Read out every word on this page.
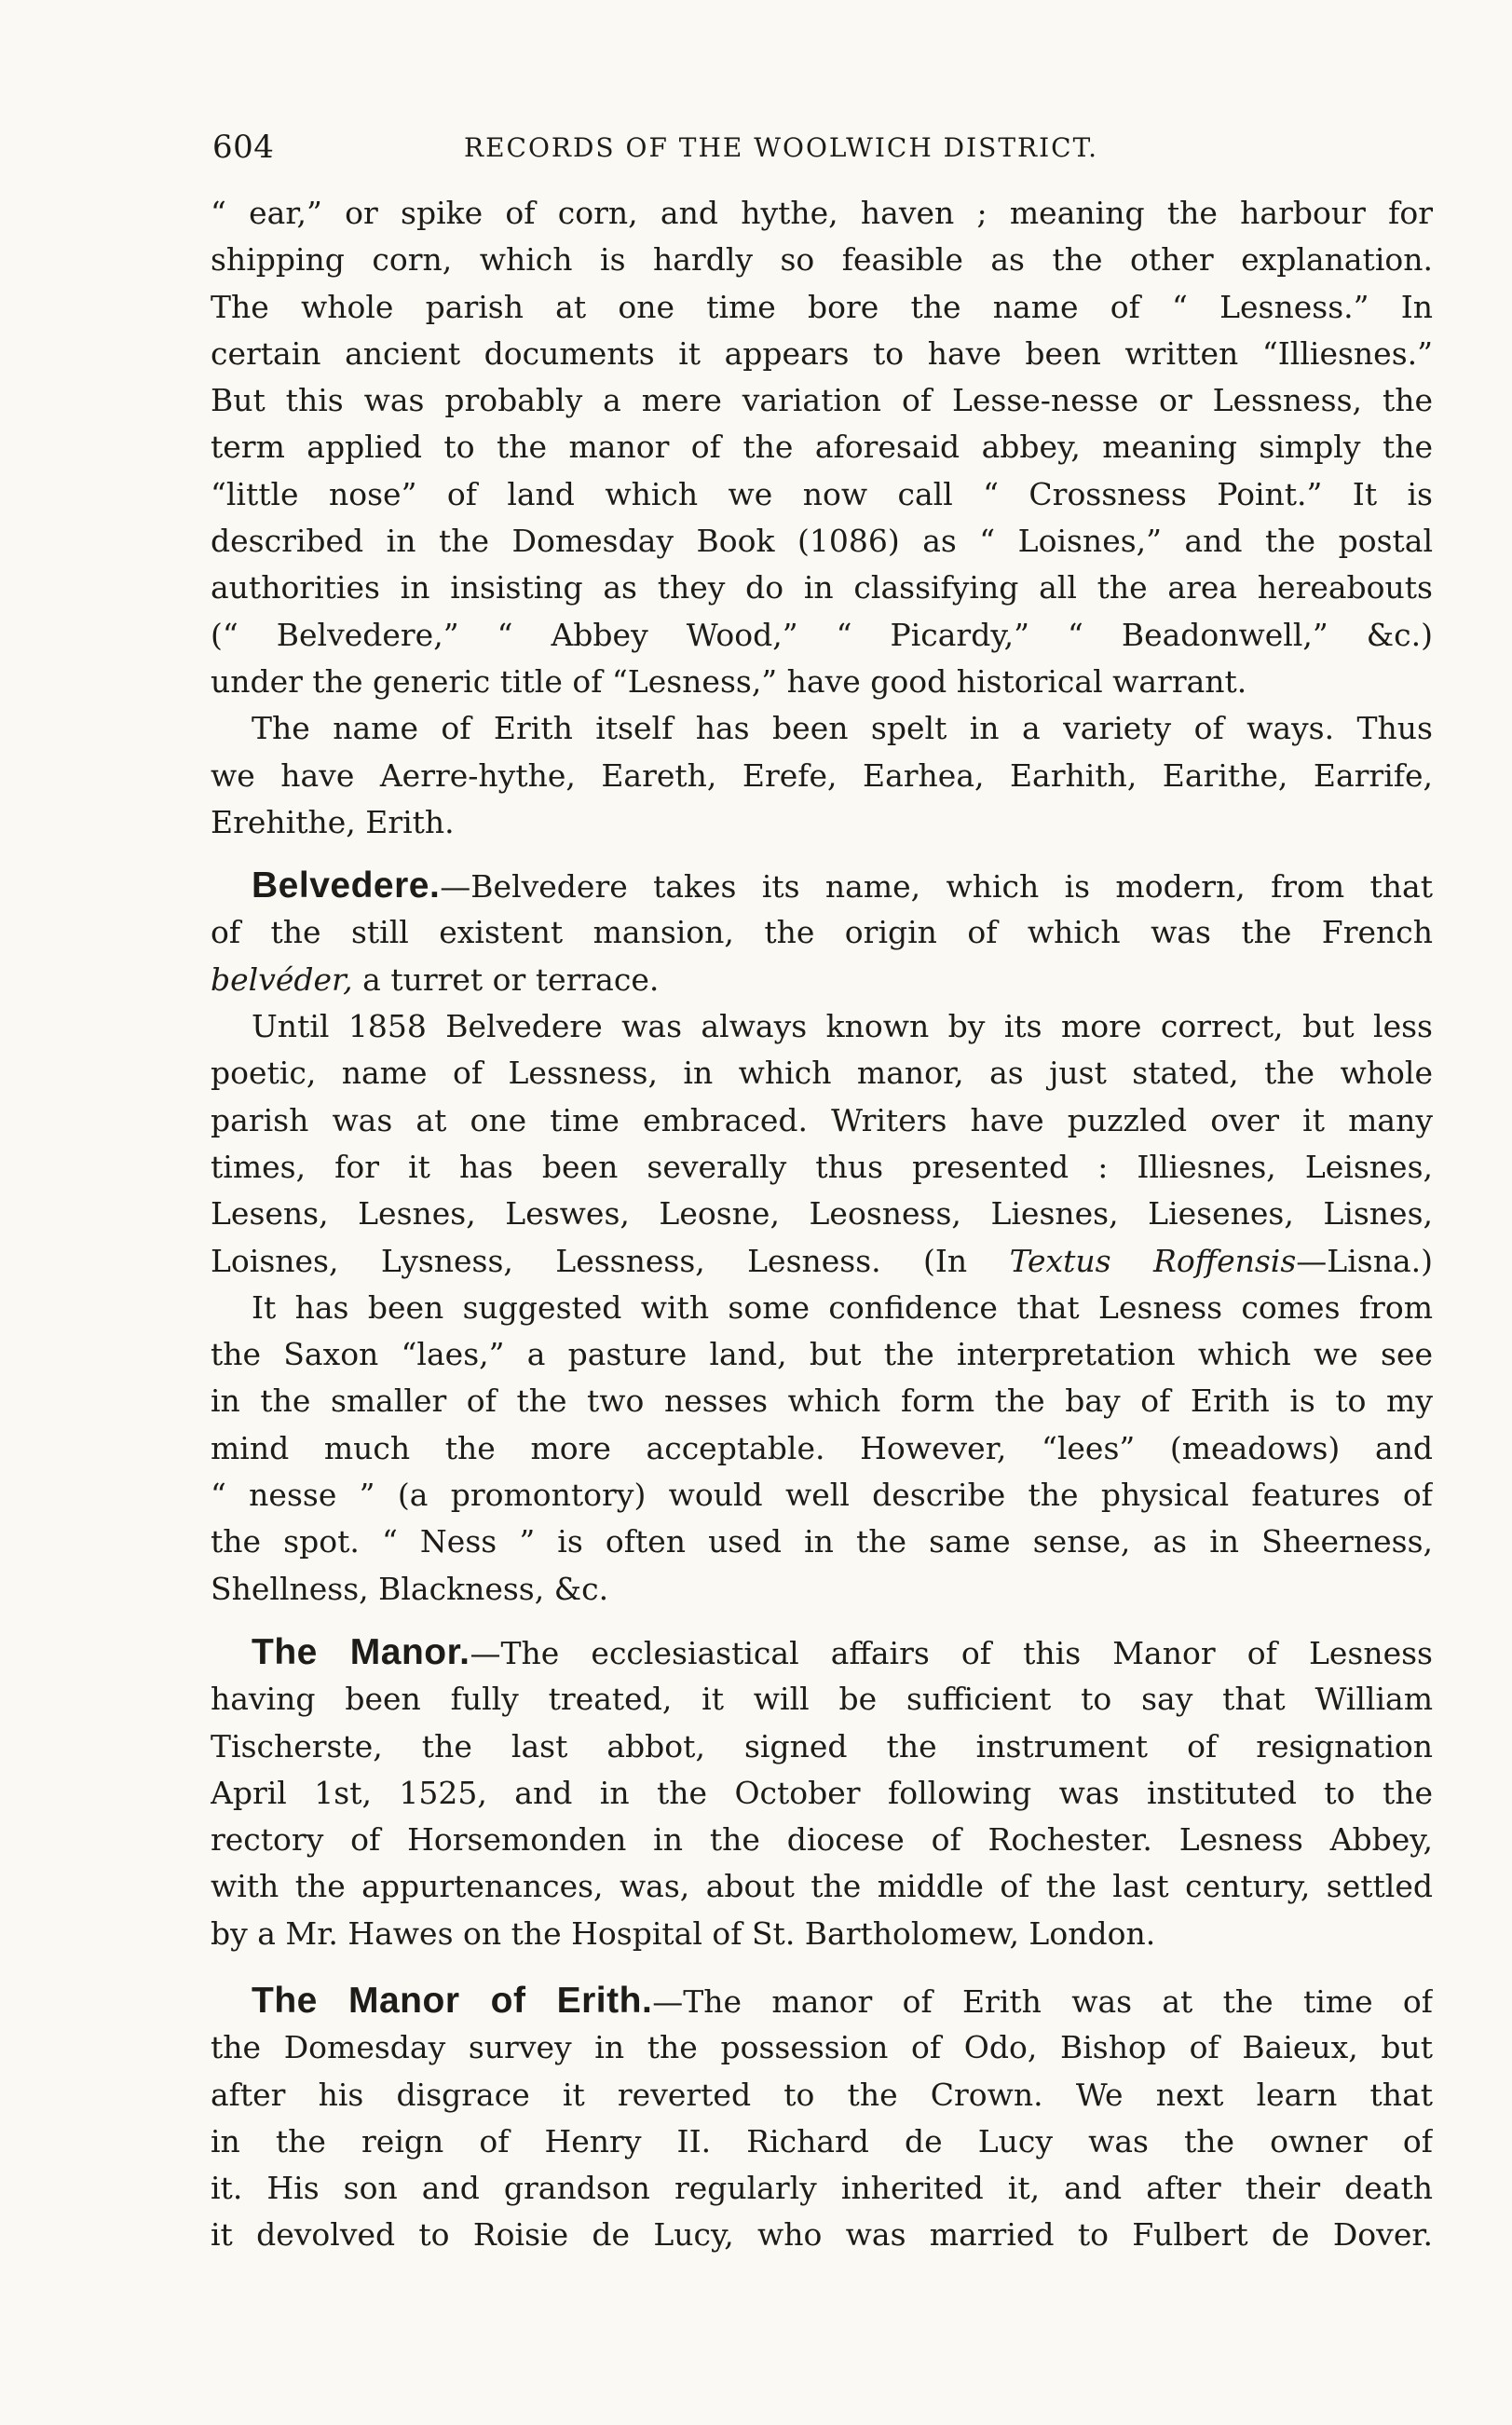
604	RECORDS OF THE WOOLWICH DISTRICT.
“ ear,” or spike of corn, and hythe, haven ; meaning the harbour for
shipping corn, which is hardly so feasible as the other explanation.
The whole parish at one time bore the name of “ Lesness.” In
certain ancient documents it appears to have been written “Illiesnes.”
But this was probably a mere variation of Lesse-nesse or Lessness, the
term applied to the manor of the aforesaid abbey, meaning simply the
“little nose” of land which we now call “ Crossness Point.” It is
described in the Domesday Book (1086) as “ Loisnes,” and the postal
authorities in insisting as they do in classifying all the area hereabouts
(“ Belvedere,” “ Abbey Wood,” “ Picardy,” “ Beadonwell,” &c.)
under the generic title of “Lesness,” have good historical warrant.
The name of Erith itself has been spelt in a variety of ways. Thus
we have Aerre-hythe, Eareth, Erefe, Earhea, Earhith, Earithe, Earrife,
Erehithe, Erith.
Belvedere.—Belvedere takes its name, which is modern, from that
of the still existent mansion, the origin of which was the French
belvéder, a turret or terrace.
Until 1858 Belvedere was always known by its more correct, but less
poetic, name of Lessness, in which manor, as just stated, the whole
parish was at one time embraced. Writers have puzzled over it many
times, for it has been severally thus presented : Illiesnes, Leisnes,
Lesens, Lesnes, Leswes, Leosne, Leosness, Liesnes, Liesenes, Lisnes,
Loisnes, Lysness, Lessness, Lesness. (In Textus Roffensis—Lisna.)
It has been suggested with some confidence that Lesness comes from
the Saxon “laes,” a pasture land, but the interpretation which we see
in the smaller of the two nesses which form the bay of Erith is to my
mind much the more acceptable. However, “lees” (meadows) and
“ nesse ” (a promontory) would well describe the physical features of
the spot. “ Ness ” is often used in the same sense, as in Sheerness,
Shellness, Blackness, &c.
The Manor.—The ecclesiastical affairs of this Manor of Lesness
having been fully treated, it will be sufficient to say that William
Tischerste, the last abbot, signed the instrument of resignation
April 1st, 1525, and in the October following was instituted to the
rectory of Horsemonden in the diocese of Rochester. Lesness Abbey,
with the appurtenances, was, about the middle of the last century, settled
by a Mr. Hawes on the Hospital of St. Bartholomew, London.
The Manor of Erith.—The manor of Erith was at the time of
the Domesday survey in the possession of Odo, Bishop of Baieux, but
after his disgrace it reverted to the Crown. We next learn that
in the reign of Henry II. Richard de Lucy was the owner of
it. His son and grandson regularly inherited it, and after their death
it devolved to Roisie de Lucy, who was married to Fulbert de Dover.
